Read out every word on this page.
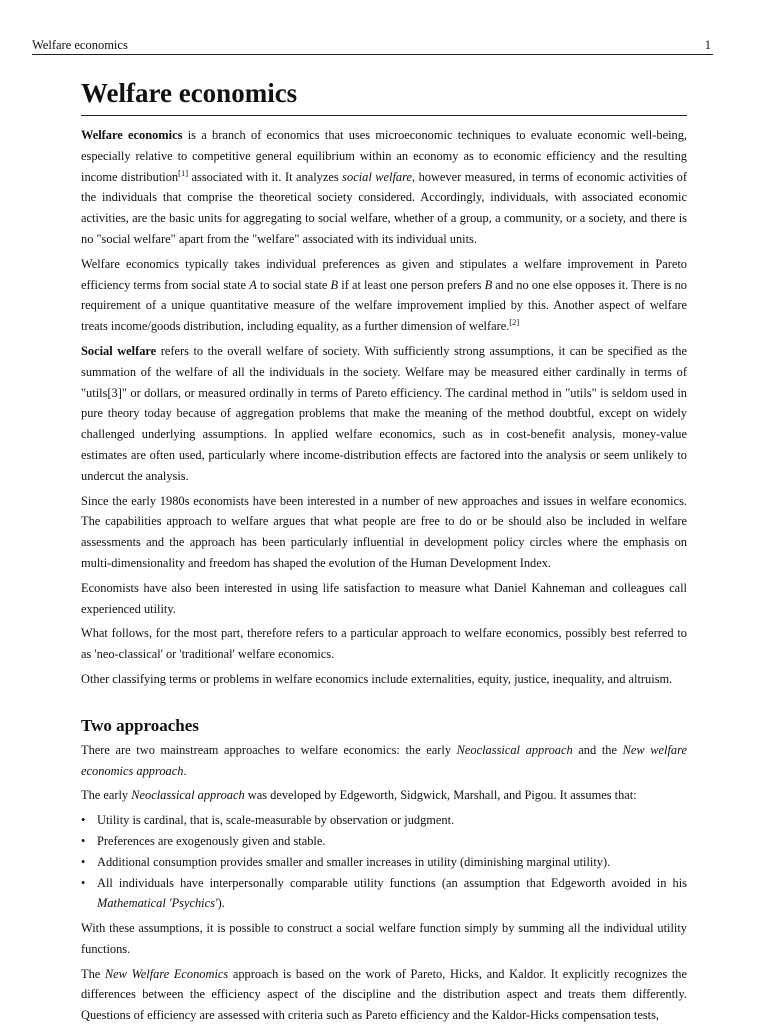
Welfare economics	1
Welfare economics

Welfare economics is a branch of economics that uses microeconomic techniques to evaluate economic well-being, especially relative to competitive general equilibrium within an economy as to economic efficiency and the resulting income distribution[1] associated with it. It analyzes social welfare, however measured, in terms of economic activities of the individuals that comprise the theoretical society considered. Accordingly, individuals, with associated economic activities, are the basic units for aggregating to social welfare, whether of a group, a community, or a society, and there is no "social welfare" apart from the "welfare" associated with its individual units.

Welfare economics typically takes individual preferences as given and stipulates a welfare improvement in Pareto efficiency terms from social state A to social state B if at least one person prefers B and no one else opposes it. There is no requirement of a unique quantitative measure of the welfare improvement implied by this. Another aspect of welfare treats income/goods distribution, including equality, as a further dimension of welfare.[2]

Social welfare refers to the overall welfare of society. With sufficiently strong assumptions, it can be specified as the summation of the welfare of all the individuals in the society. Welfare may be measured either cardinally in terms of "utils[3]" or dollars, or measured ordinally in terms of Pareto efficiency. The cardinal method in "utils" is seldom used in pure theory today because of aggregation problems that make the meaning of the method doubtful, except on widely challenged underlying assumptions. In applied welfare economics, such as in cost-benefit analysis, money-value estimates are often used, particularly where income-distribution effects are factored into the analysis or seem unlikely to undercut the analysis.

Since the early 1980s economists have been interested in a number of new approaches and issues in welfare economics. The capabilities approach to welfare argues that what people are free to do or be should also be included in welfare assessments and the approach has been particularly influential in development policy circles where the emphasis on multi-dimensionality and freedom has shaped the evolution of the Human Development Index.

Economists have also been interested in using life satisfaction to measure what Daniel Kahneman and colleagues call experienced utility.

What follows, for the most part, therefore refers to a particular approach to welfare economics, possibly best referred to as 'neo-classical' or 'traditional' welfare economics.

Other classifying terms or problems in welfare economics include externalities, equity, justice, inequality, and altruism.

Two approaches

There are two mainstream approaches to welfare economics: the early Neoclassical approach and the New welfare economics approach.

The early Neoclassical approach was developed by Edgeworth, Sidgwick, Marshall, and Pigou. It assumes that:

• Utility is cardinal, that is, scale-measurable by observation or judgment.
• Preferences are exogenously given and stable.
• Additional consumption provides smaller and smaller increases in utility (diminishing marginal utility).
• All individuals have interpersonally comparable utility functions (an assumption that Edgeworth avoided in his Mathematical 'Psychics').

With these assumptions, it is possible to construct a social welfare function simply by summing all the individual utility functions.

The New Welfare Economics approach is based on the work of Pareto, Hicks, and Kaldor. It explicitly recognizes the differences between the efficiency aspect of the discipline and the distribution aspect and treats them differently. Questions of efficiency are assessed with criteria such as Pareto efficiency and the Kaldor-Hicks compensation tests,
